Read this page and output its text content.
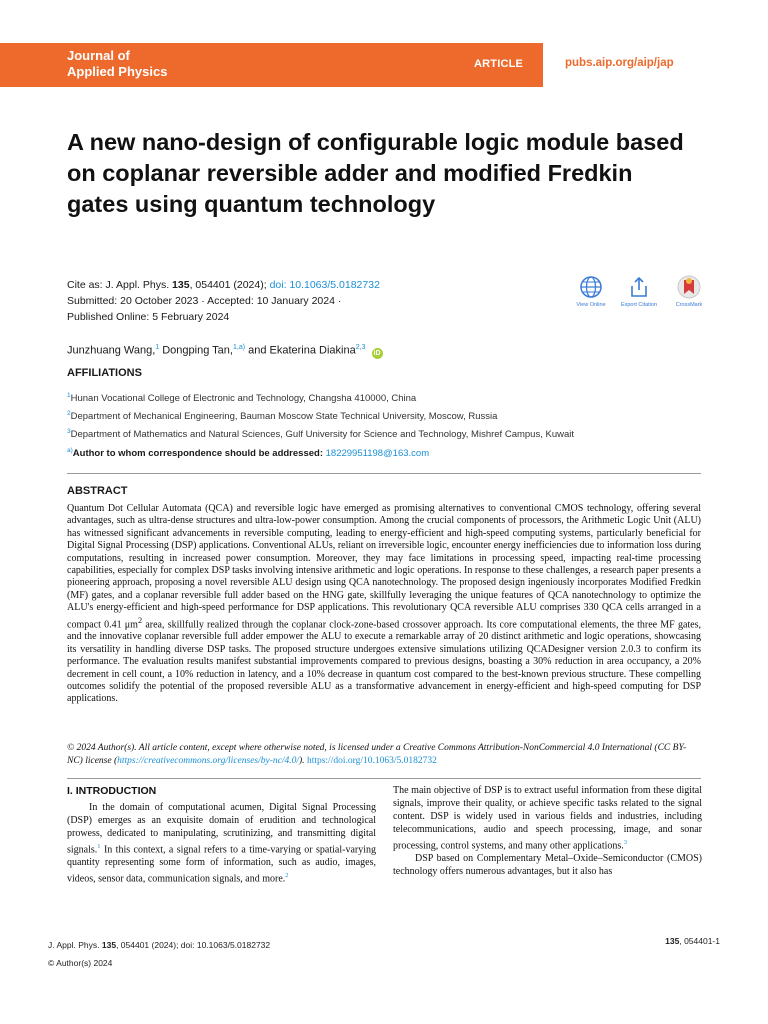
Journal of
Applied Physics	ARTICLE	pubs.aip.org/aip/jap
A new nano-design of configurable logic module based on coplanar reversible adder and modified Fredkin gates using quantum technology
Cite as: J. Appl. Phys. 135, 054401 (2024); doi: 10.1063/5.0182732
Submitted: 20 October 2023 · Accepted: 10 January 2024 ·
Published Online: 5 February 2024
View Online	Export Citation	CrossMark
Junzhuang Wang,$^1$ Dongping Tan,$^{1,a)}$ and Ekaterina Diakina$^{2,3}$ iD
AFFILIATIONS
$^1$Hunan Vocational College of Electronic and Technology, Changsha 410000, China
$^2$Department of Mechanical Engineering, Bauman Moscow State Technical University, Moscow, Russia
$^3$Department of Mathematics and Natural Sciences, Gulf University for Science and Technology, Mishref Campus, Kuwait
$^{a)}$Author to whom correspondence should be addressed: 18229951198@163.com
ABSTRACT
Quantum Dot Cellular Automata (QCA) and reversible logic have emerged as promising alternatives to conventional CMOS technology, offering several advantages, such as ultra-dense structures and ultra-low-power consumption. Among the crucial components of processors, the Arithmetic Logic Unit (ALU) has witnessed significant advancements in reversible computing, leading to energy-efficient and high-speed computing systems, particularly beneficial for Digital Signal Processing (DSP) applications. Conventional ALUs, reliant on irreversible logic, encounter energy inefficiencies due to information loss during computations, resulting in increased power consumption. Moreover, they may face limitations in processing speed, impacting real-time processing capabilities, especially for complex DSP tasks involving intensive arithmetic and logic operations. In response to these challenges, a research paper presents a pioneering approach, proposing a novel reversible ALU design using QCA nanotechnology. The proposed design ingeniously incorporates Modified Fredkin (MF) gates, and a coplanar reversible full adder based on the HNG gate, skillfully leveraging the unique features of QCA nanotechnology to optimize the ALU's energy-efficient and high-speed performance for DSP applications. This revolutionary QCA reversible ALU comprises 330 QCA cells arranged in a compact 0.41 $\mu m^2$ area, skillfully realized through the coplanar clock-zone-based crossover approach. Its core computational elements, the three MF gates, and the innovative coplanar reversible full adder empower the ALU to execute a remarkable array of 20 distinct arithmetic and logic operations, showcasing its versatility in handling diverse DSP tasks. The proposed structure undergoes extensive simulations utilizing QCADesigner version 2.0.3 to confirm its performance. The evaluation results manifest substantial improvements compared to previous designs, boasting a 30% reduction in area occupancy, a 20% decrement in cell count, a 10% reduction in latency, and a 10% decrease in quantum cost compared to the best-known previous structure. These compelling outcomes solidify the potential of the proposed reversible ALU as a transformative advancement in energy-efficient and high-speed computing for DSP applications.
© 2024 Author(s). All article content, except where otherwise noted, is licensed under a Creative Commons Attribution-NonCommercial 4.0 International (CC BY-NC) license (https://creativecommons.org/licenses/by-nc/4.0/). https://doi.org/10.1063/5.0182732
I. INTRODUCTION

In the domain of computational acumen, Digital Signal Processing (DSP) emerges as an exquisite domain of erudition and technological prowess, dedicated to manipulating, scrutinizing, and transmitting digital signals.$^1$ In this context, a signal refers to a time-varying or spatial-varying quantity representing some form of information, such as audio, images, videos, sensor data, communication signals, and more.$^2$

The main objective of DSP is to extract useful information from these digital signals, improve their quality, or achieve specific tasks related to the signal content. DSP is widely used in various fields and industries, including telecommunications, audio and speech processing, image, and sonar processing, control systems, and many other applications.$^3$

DSP based on Complementary Metal–Oxide–Semiconductor (CMOS) technology offers numerous advantages, but it also has

J. Appl. Phys. 135, 054401 (2024); doi: 10.1063/5.0182732
© Author(s) 2024
135, 054401-1
